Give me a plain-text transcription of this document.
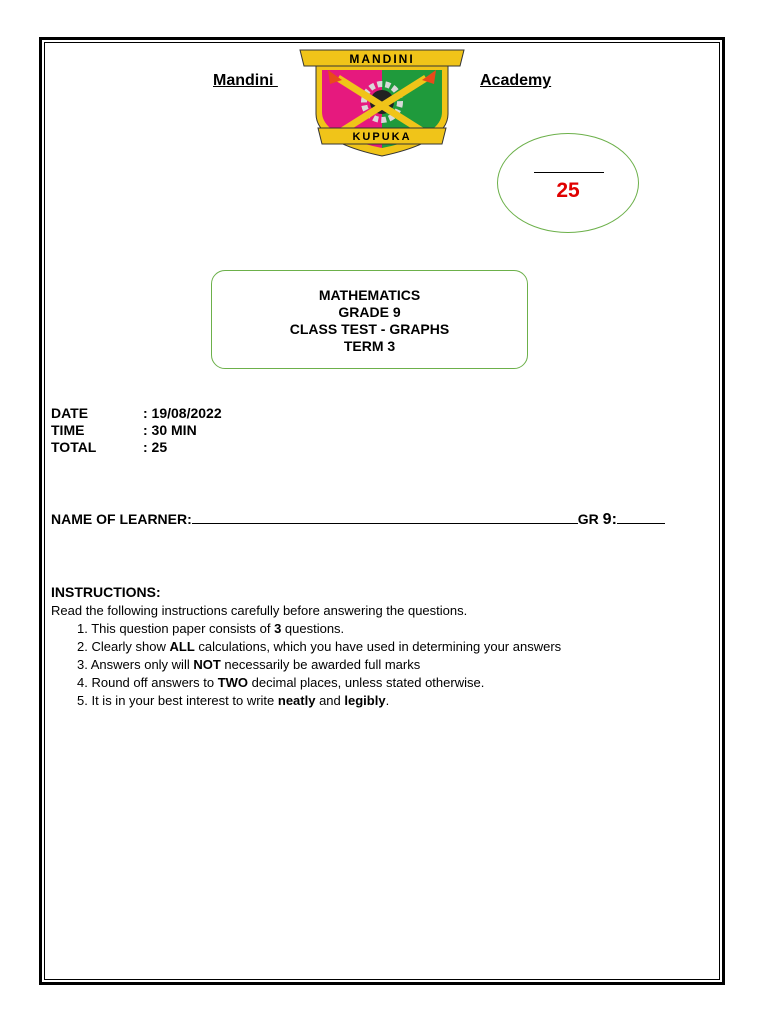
Mandini	Academy
MANDINI
KUPUKA
25
MATHEMATICS
GRADE 9
CLASS TEST - GRAPHS
TERM 3
DATE	: 19/08/2022
TIME	: 30 MIN
TOTAL	: 25
NAME OF LEARNER:	GR 9:
INSTRUCTIONS:
Read the following instructions carefully before answering the questions.
1. This question paper consists of 3 questions.
2. Clearly show ALL calculations, which you have used in determining your answers
3. Answers only will NOT necessarily be awarded full marks
4. Round off answers to TWO decimal places, unless stated otherwise.
5. It is in your best interest to write neatly and legibly.
